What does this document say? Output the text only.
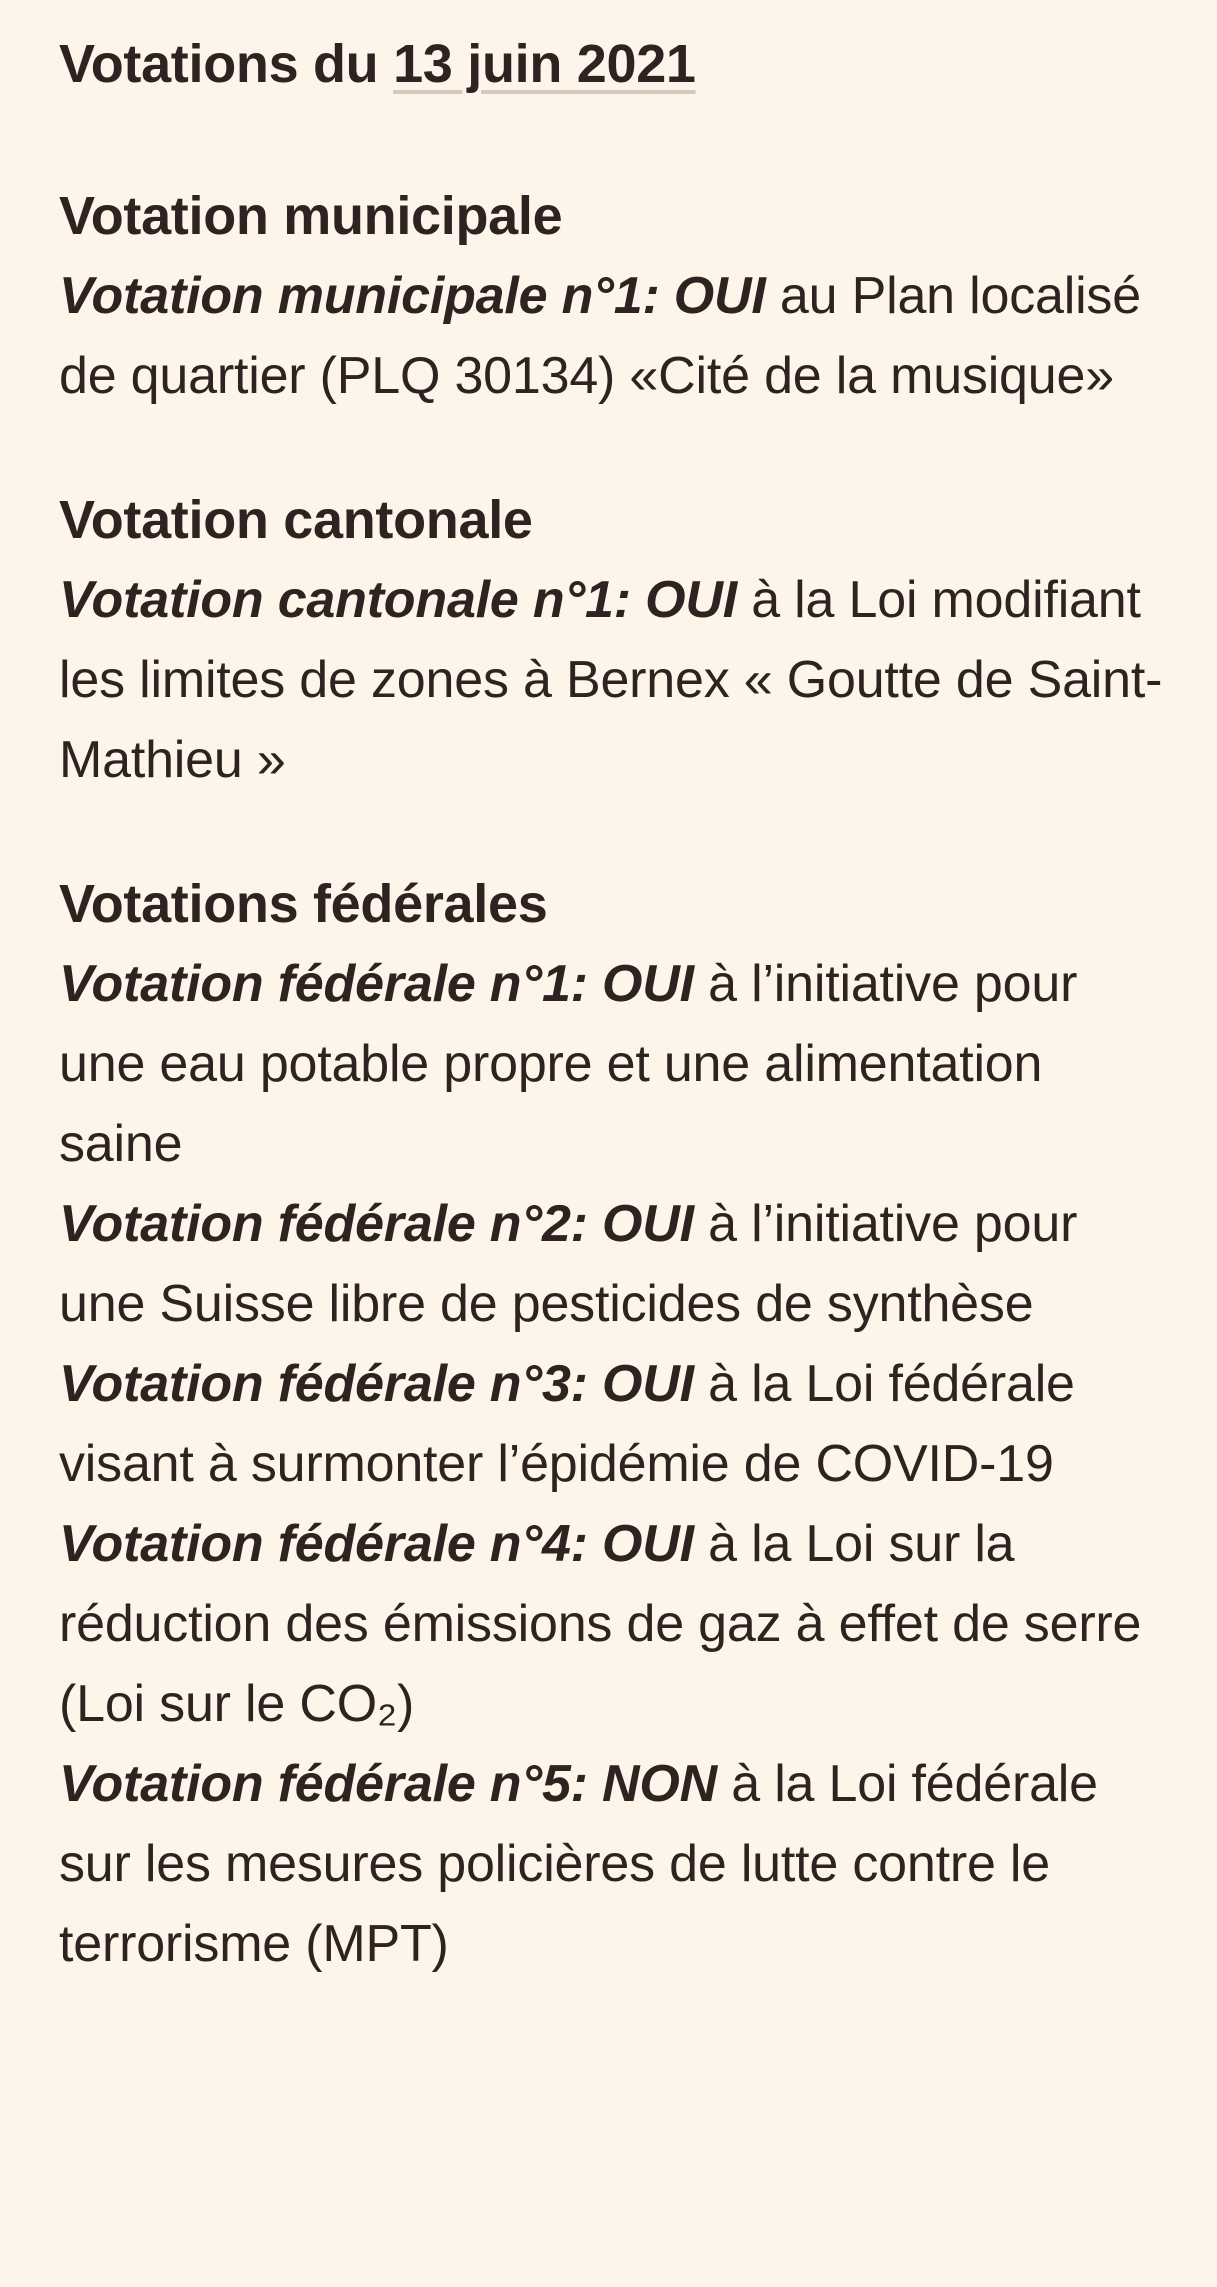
Votations du 13 juin 2021
Votation municipale

Votation municipale n°1: OUI au Plan localisé de quartier (PLQ 30134) «Cité de la musique»

Votation cantonale

Votation cantonale n°1: OUI à la Loi modifiant les limites de zones à Bernex « Goutte de Saint-Mathieu »

Votations fédérales

Votation fédérale n°1: OUI à l’initiative pour une eau potable propre et une alimentation saine

Votation fédérale n°2: OUI à l’initiative pour une Suisse libre de pesticides de synthèse

Votation fédérale n°3: OUI à la Loi fédérale visant à surmonter l’épidémie de COVID-19

Votation fédérale n°4: OUI à la Loi sur la réduction des émissions de gaz à effet de serre (Loi sur le CO₂)

Votation fédérale n°5: NON à la Loi fédérale sur les mesures policières de lutte contre le terrorisme (MPT)
